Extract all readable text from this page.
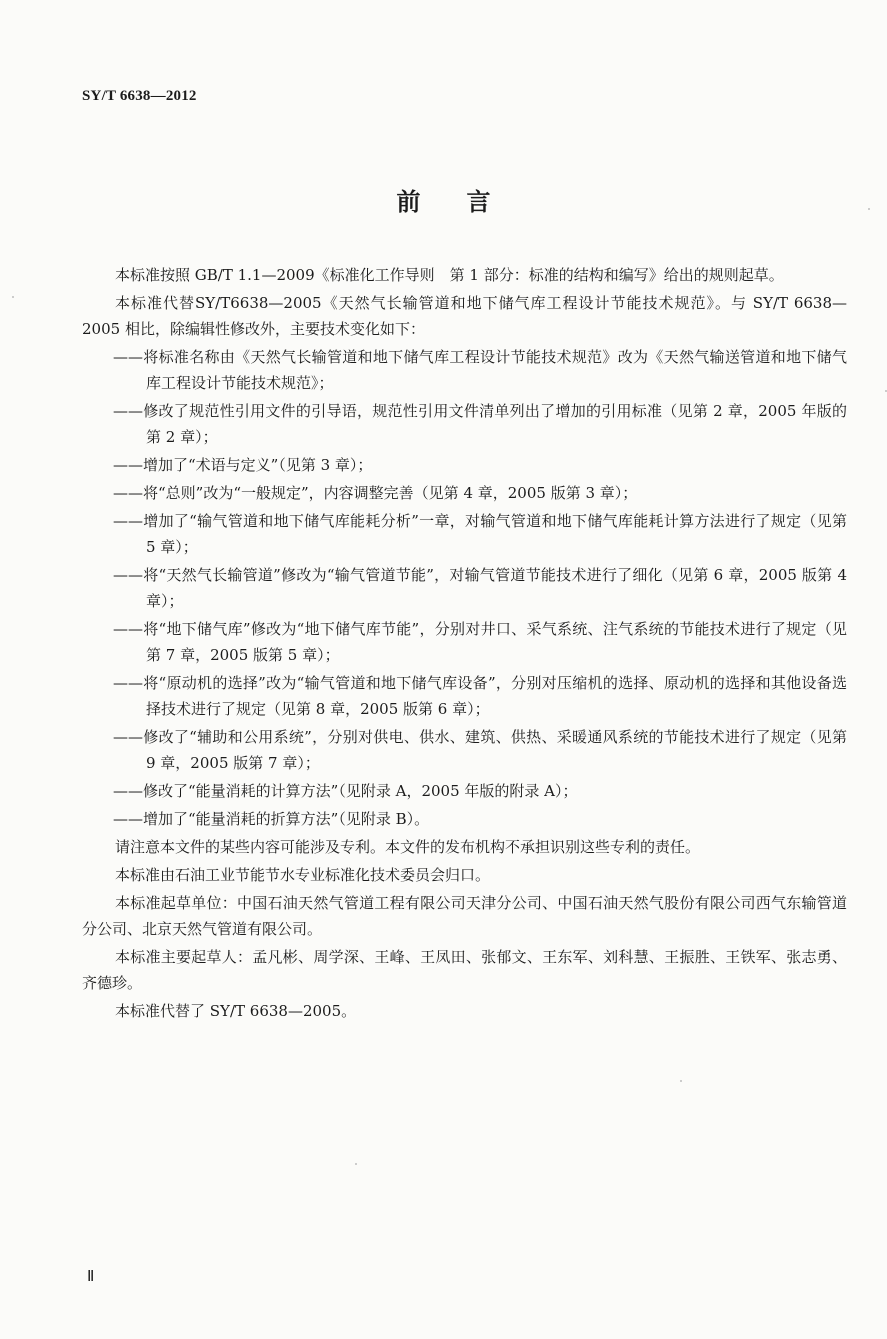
SY/T 6638—2012
前言

本标准按照 GB/T 1.1—2009《标准化工作导则　第 1 部分：标准的结构和编写》给出的规则起草。

本标准代替SY/T6638—2005《天然气长输管道和地下储气库工程设计节能技术规范》。与 SY/T 6638—2005 相比，除编辑性修改外，主要技术变化如下：

——将标准名称由《天然气长输管道和地下储气库工程设计节能技术规范》改为《天然气输送管道和地下储气库工程设计节能技术规范》；

——修改了规范性引用文件的引导语，规范性引用文件清单列出了增加的引用标准（见第 2 章，2005 年版的第 2 章）；

——增加了“术语与定义”（见第 3 章）；

——将“总则”改为“一般规定”，内容调整完善（见第 4 章，2005 版第 3 章）；

——增加了“输气管道和地下储气库能耗分析”一章，对输气管道和地下储气库能耗计算方法进行了规定（见第 5 章）；

——将“天然气长输管道”修改为“输气管道节能”，对输气管道节能技术进行了细化（见第 6 章，2005 版第 4 章）；

——将“地下储气库”修改为“地下储气库节能”，分别对井口、采气系统、注气系统的节能技术进行了规定（见第 7 章，2005 版第 5 章）；

——将“原动机的选择”改为“输气管道和地下储气库设备”，分别对压缩机的选择、原动机的选择和其他设备选择技术进行了规定（见第 8 章，2005 版第 6 章）；

——修改了“辅助和公用系统”，分别对供电、供水、建筑、供热、采暖通风系统的节能技术进行了规定（见第 9 章，2005 版第 7 章）；

——修改了“能量消耗的计算方法”（见附录 A，2005 年版的附录 A）；

——增加了“能量消耗的折算方法”（见附录 B）。

请注意本文件的某些内容可能涉及专利。本文件的发布机构不承担识别这些专利的责任。

本标准由石油工业节能节水专业标准化技术委员会归口。

本标准起草单位：中国石油天然气管道工程有限公司天津分公司、中国石油天然气股份有限公司西气东输管道分公司、北京天然气管道有限公司。

本标准主要起草人：孟凡彬、周学深、王峰、王凤田、张郁文、王东军、刘科慧、王振胜、王铁军、张志勇、齐德珍。

本标准代替了 SY/T 6638—2005。

Ⅱ
